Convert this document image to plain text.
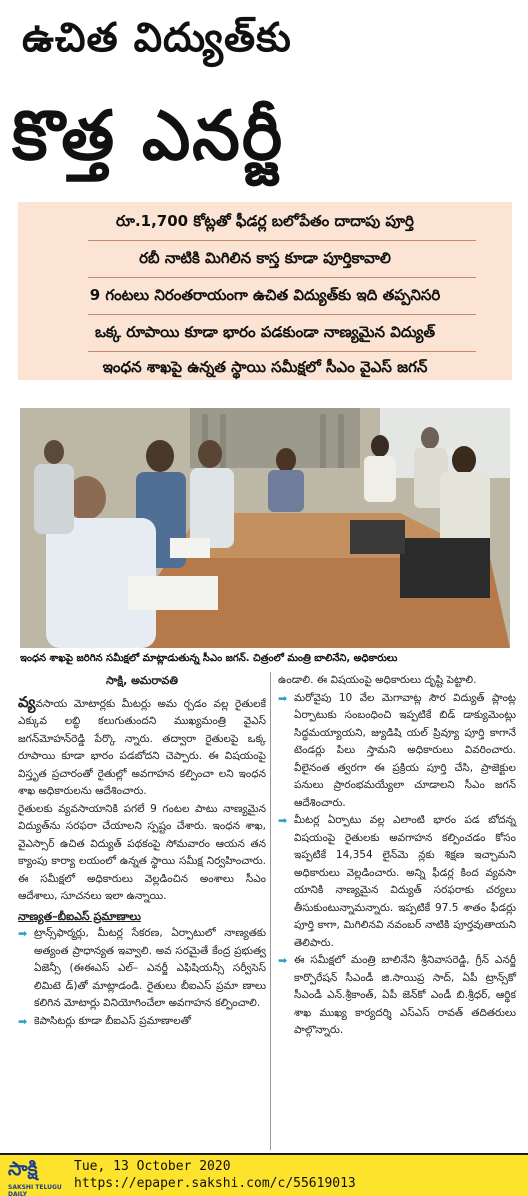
ఉచిత విద్యుత్‌కు
కొత్త ఎనర్జీ
రూ.1,700 కోట్లతో ఫీడర్ల బలోపేతం దాదాపు పూర్తి
రబీ నాటికి మిగిలిన కాస్త కూడా పూర్తికావాలి
9 గంటలు నిరంతరాయంగా ఉచిత విద్యుత్‌కు ఇది తప్పనిసరి
ఒక్క రూపాయి కూడా భారం పడకుండా నాణ్యమైన విద్యుత్‌
ఇంధన శాఖపై ఉన్నత స్థాయి సమీక్షలో సీఎం వైఎస్‌ జగన్‌
ఇంధన శాఖపై జరిగిన సమీక్షలో మాట్లాడుతున్న సీఎం జగన్‌. చిత్రంలో మంత్రి బాలినేని, అధికారులు
సాక్షి, అమరావతి

వ్యవసాయ మోటార్లకు మీటర్లు అమ ర్చడం వల్ల రైతులకే ఎక్కువ లబ్ధి కలుగుతుందని ముఖ్యమంత్రి వైఎస్‌ జగన్‌మోహన్‌రెడ్డి పేర్కొ న్నారు. తద్వారా రైతులపై ఒక్క రూపాయి కూడా భారం పడబోదని చెప్పారు. ఈ విషయంపై విస్తృత ప్రచారంతో రైతుల్లో అవగాహన కల్పించా లని ఇంధన శాఖ అధికారులను ఆదేశించారు.

రైతులకు వ్యవసాయానికి పగలే 9 గంటల పాటు నాణ్యమైన విద్యుత్‌ను సరఫరా చేయాలని స్పష్టం చేశారు. ఇంధన శాఖ, వైఎస్సార్‌ ఉచిత విద్యుత్‌ పథకంపై సోమవారం ఆయన తన క్యాంపు కార్యా లయంలో ఉన్నత స్థాయి సమీక్ష నిర్వహించారు. ఈ సమీక్షలో అధికారులు వెల్లడించిన అంశాలు సీఎం ఆదేశాలు, సూచనలు ఇలా ఉన్నాయి.

నాణ్యత–బీఐఎస్‌ ప్రమాణాలు

➡ ట్రాన్స్‌ఫార్మర్లు, మీటర్ల సేకరణ, ఏర్పాటులో నాణ్యతకు అత్యంత ప్రాధాన్యత ఇవ్వాలి. అవ సరమైతే కేంద్ర ప్రభుత్వ ఏజెన్సీ (ఈఈఎస్‌ ఎల్‌– ఎనర్జీ ఎఫిషియన్సీ సర్వీసెస్‌ లిమిటె డ్‌)తో మాట్లాడండి. రైతులు బీఐఎస్‌ ప్రమా ణాలు కలిగిన మోటార్లు వినియోగించేలా అవగాహన కల్పించాలి.

➡ కెపాసిటర్లు కూడా బీఐఎస్‌ ప్రమాణాలతో

ఉండాలి. ఈ విషయంపై అధికారులు దృష్టి పెట్టాలి.

➡ మరోవైపు 10 వేల మెగావాట్ల సౌర విద్యుత్‌ ప్లాంట్ల ఏర్పాటుకు సంబంధించి ఇప్పటికే బిడ్‌ డాక్యుమెంట్లు సిద్ధమయ్యాయని, జ్యుడిషి యల్‌ ప్రివ్యూ పూర్తి కాగానే టెండర్లు పిలు స్తామని అధికారులు వివరించారు. వీలైనంత త్వరగా ఈ ప్రక్రియ పూర్తి చేసి, ప్రాజెక్టుల పనులు ప్రారంభమయ్యేలా చూడాలని సీఎం జగన్‌ ఆదేశించారు.

➡ మీటర్ల ఏర్పాటు వల్ల ఎలాంటి భారం పడ బోదన్న విషయంపై రైతులకు అవగాహన కల్పించడం కోసం ఇప్పటికే 14,354 లైన్‌మె న్లకు శిక్షణ ఇచ్చామని అధికారులు వెల్లడించారు. అన్ని ఫీడర్ల కింద వ్యవసా యానికి నాణ్యమైన విద్యుత్‌ సరఫరాకు చర్యలు తీసుకుంటున్నామన్నారు. ఇప్పటికే 97.5 శాతం ఫీడర్లు పూర్తి కాగా, మిగిలినవి నవంబర్‌ నాటికి పూర్తవుతాయని తెలిపారు.

➡ ఈ సమీక్షలో మంత్రి బాలినేని శ్రీనివాసరెడ్డి, గ్రీన్‌ ఎనర్జీ కార్పొరేషన్‌ సీఎండీ జి.సాయిప్ర సాద్‌, ఏపీ ట్రాన్స్‌కో సీఎండీ ఎన్‌.శ్రీకాంత్‌, ఏపీ జెన్‌కో ఎండీ బి.శ్రీధర్‌, ఆర్థిక శాఖ ముఖ్య కార్యదర్శి ఎస్‌ఎస్‌ రావత్‌ తదితరులు పాల్గొన్నారు.

సాక్షి
SAKSHI TELUGU DAILY
Tue, 13 October 2020
https://epaper.sakshi.com/c/55619013
